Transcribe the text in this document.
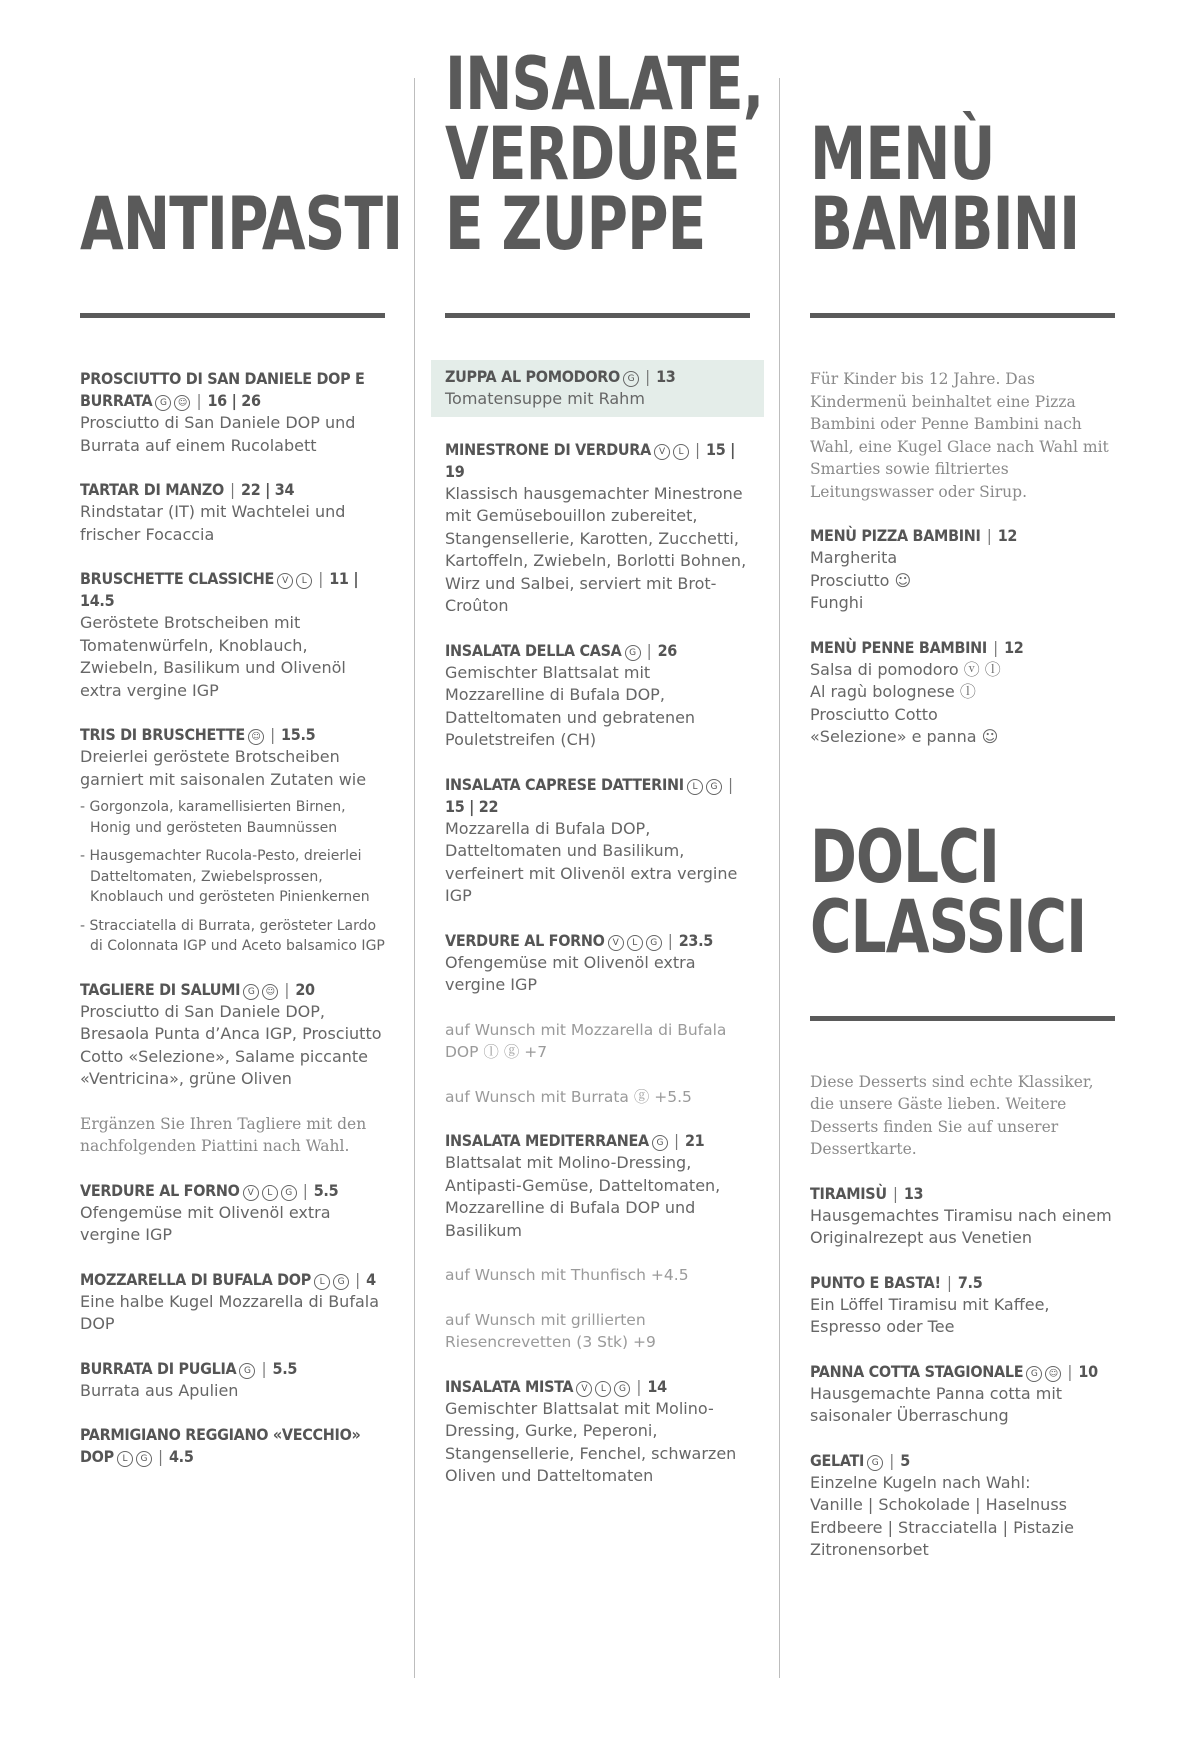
ANTIPASTI
PROSCIUTTO DI SAN DANIELE DOP E BURRATA G ☺ | 16 | 26
Prosciutto di San Daniele DOP und Burrata auf einem Rucolabett
TARTAR DI MANZO | 22 | 34
Rindstatar (IT) mit Wachtelei und frischer Focaccia
BRUSCHETTE CLASSICHE V L | 11 | 14.5
Geröstete Brotscheiben mit Tomatenwürfeln, Knoblauch, Zwiebeln, Basilikum und Olivenöl extra vergine IGP
TRIS DI BRUSCHETTE ☺ | 15.5
Dreierlei geröstete Brotscheiben garniert mit saisonalen Zutaten wie
- Gorgonzola, karamellisierten Birnen, Honig und gerösteten Baumnüssen
- Hausgemachter Rucola-Pesto, dreierlei Datteltomaten, Zwiebelsprossen, Knoblauch und gerösteten Pinienkernen
- Stracciatella di Burrata, gerösteter Lardo di Colonnata IGP und Aceto balsamico IGP
TAGLIERE DI SALUMI G ☺ | 20
Prosciutto di San Daniele DOP, Bresaola Punta d’Anca IGP, Prosciutto Cotto «Selezione», Salame piccante «Ventricina», grüne Oliven
Ergänzen Sie Ihren Tagliere mit den nachfolgenden Piattini nach Wahl.
VERDURE AL FORNO V L G | 5.5
Ofengemüse mit Olivenöl extra vergine IGP
MOZZARELLA DI BUFALA DOP L G | 4
Eine halbe Kugel Mozzarella di Bufala DOP
BURRATA DI PUGLIA G | 5.5
Burrata aus Apulien
PARMIGIANO REGGIANO «VECCHIO» DOP L G | 4.5
INSALATE, VERDURE E ZUPPE
ZUPPA AL POMODORO G | 13
Tomatensuppe mit Rahm
MINESTRONE DI VERDURA V L | 15 | 19
Klassisch hausgemachter Minestrone mit Gemüsebouillon zubereitet, Stangensellerie, Karotten, Zucchetti, Kartoffeln, Zwiebeln, Borlotti Bohnen, Wirz und Salbei, serviert mit Brot-Croûton
INSALATA DELLA CASA G | 26
Gemischter Blattsalat mit Mozzarelline di Bufala DOP, Datteltomaten und gebratenen Pouletstreifen (CH)
INSALATA CAPRESE DATTERINI L G | 15 | 22
Mozzarella di Bufala DOP, Datteltomaten und Basilikum, verfeinert mit Olivenöl extra vergine IGP
VERDURE AL FORNO V L G | 23.5
Ofengemüse mit Olivenöl extra vergine IGP
auf Wunsch mit Mozzarella di Bufala DOP ⓛ ⓖ +7
auf Wunsch mit Burrata ⓖ +5.5
INSALATA MEDITERRANEA G | 21
Blattsalat mit Molino-Dressing, Antipasti-Gemüse, Datteltomaten, Mozzarelline di Bufala DOP und Basilikum
auf Wunsch mit Thunfisch +4.5
auf Wunsch mit grillierten Riesencrevetten (3 Stk) +9
INSALATA MISTA V L G | 14
Gemischter Blattsalat mit Molino-Dressing, Gurke, Peperoni, Stangensellerie, Fenchel, schwarzen Oliven und Datteltomaten
MENÙ BAMBINI
Für Kinder bis 12 Jahre. Das Kindermenü beinhaltet eine Pizza Bambini oder Penne Bambini nach Wahl, eine Kugel Glace nach Wahl mit Smarties sowie filtriertes Leitungswasser oder Sirup.
MENÙ PIZZA BAMBINI | 12
Margherita
Prosciutto ☺
Funghi
MENÙ PENNE BAMBINI | 12
Salsa di pomodoro ⓥ ⓛ
Al ragù bolognese ⓛ
Prosciutto Cotto
«Selezione» e panna ☺
DOLCI CLASSICI
Diese Desserts sind echte Klassiker, die unsere Gäste lieben. Weitere Desserts finden Sie auf unserer Dessertkarte.
TIRAMISÙ | 13
Hausgemachtes Tiramisu nach einem Originalrezept aus Venetien
PUNTO E BASTA! | 7.5
Ein Löffel Tiramisu mit Kaffee, Espresso oder Tee
PANNA COTTA STAGIONALE G ☺ | 10
Hausgemachte Panna cotta mit saisonaler Überraschung
GELATI G | 5
Einzelne Kugeln nach Wahl:
Vanille | Schokolade | Haselnuss
Erdbeere | Stracciatella | Pistazie
Zitronensorbet
